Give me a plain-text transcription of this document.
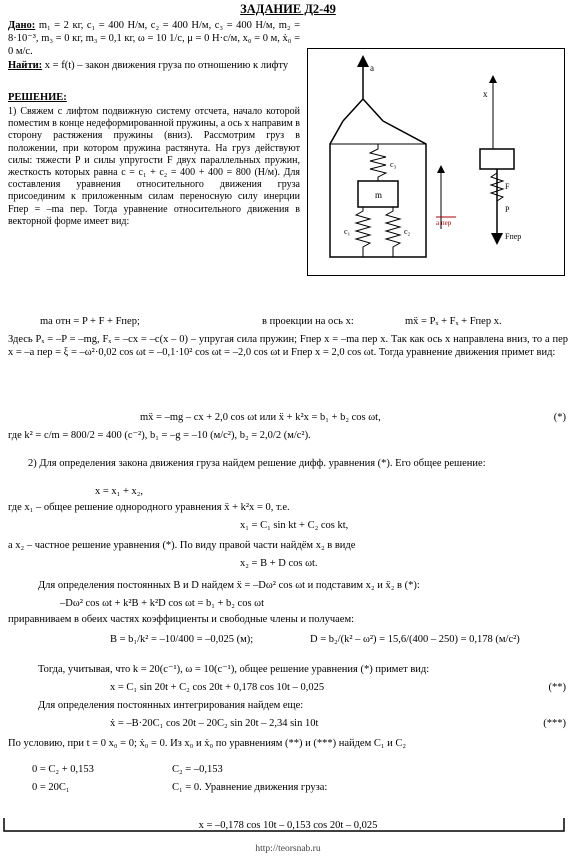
ЗАДАНИЕ Д2-49
Дано: m₁ = 2 кг, c₁ = 400 Н/м, c₂ = 400 Н/м, c₃ = 400 Н/м, m₂ = 8·10⁻³, m₃ = 0 кг, m₃ = 0,1 кг, ω = 10 1/с, μ = 0 Н·с/м, x₀ = 0 м, ẋ₀ = 0 м/с.
Найти: x = f(t) – закон движения груза по отношению к лифту
РЕШЕНИЕ:
1) Свяжем с лифтом подвижную систему отсчета, начало которой поместим в конце недеформированной пружины, а ось x направим в сторону растяжения пружины (вниз). Рассмотрим груз в положении, при котором пружина растянута. На груз действуют силы: тяжести P и силы упругости F двух параллельных пружин, жесткость которых равна c = c₁ + c₂ = 400 + 400 = 800 (Н/м). Для составления уравнения относительного движения груза присоединим к приложенным силам переносную силу инерции Fпер = –ma пер. Тогда уравнение относительного движения в векторной форме имеет вид:
a
c₃
m
c₁	c₂
a пер
x
F
P
Fпер
ma отн = P + F + Fпер;	в проекции на ось x:	mẍ = Pₓ + Fₓ + Fпер x.
Здесь Pₓ = –P = –mg, Fₓ = –cx = –c(x – 0) – упругая сила пружин; Fпер x = –ma пер x. Так как ось x направлена вниз, то a пер x = –a пер = ξ = –ω²·0,02 cos ωt = –0,1·10² cos ωt = –2,0 cos ωt и Fпер x = 2,0 cos ωt. Тогда уравнение движения примет вид:
mẍ = –mg – cx + 2,0 cos ωt или ẍ + k²x = b₁ + b₂ cos ωt,	(*)
где k² = c/m = 800/2 = 400 (с⁻²), b₁ = –g = –10 (м/с²), b₂ = 2,0/2 (м/с²).
2) Для определения закона движения груза найдем решение дифф. уравнения (*). Его общее решение:
x = x₁ + x₂,
где x₁ – общее решение однородного уравнения ẍ + k²x = 0, т.е.
x₁ = C₁ sin kt + C₂ cos kt,
а x₂ – частное решение уравнения (*). По виду правой части найдём x₂ в виде
x₂ = B + D cos ωt.
Для определения постоянных B и D найдем ẍ = –Dω² cos ωt и подставим x₂ и ẍ₂ в (*):
–Dω² cos ωt + k²B + k²D cos ωt = b₁ + b₂ cos ωt
приравниваем в обеих частях коэффициенты и свободные члены и получаем:
B = b₁/k² = –10/400 = –0,025 (м);	D = b₂/(k² – ω²) = 15,6/(400 – 250) = 0,178 (м/с²)
Тогда, учитывая, что k = 20(с⁻¹), ω = 10(с⁻¹), общее решение уравнения (*) примет вид:
x = C₁ sin 20t + C₂ cos 20t + 0,178 cos 10t – 0,025	(**)
Для определения постоянных интегрирования найдем еще:
ẋ = –B·20C₁ cos 20t – 20C₂ sin 20t – 2,34 sin 10t	(***)
По условию, при t = 0 x₀ = 0; ẋ₀ = 0. Из x₀ и ẋ₀ по уравнениям (**) и (***) найдем C₁ и C₂
0 = C₂ + 0,153	C₂ = –0,153
0 = 20C₁	C₁ = 0. Уравнение движения груза:
x = –0,178 cos 10t – 0,153 cos 20t – 0,025
http://teorsnab.ru
